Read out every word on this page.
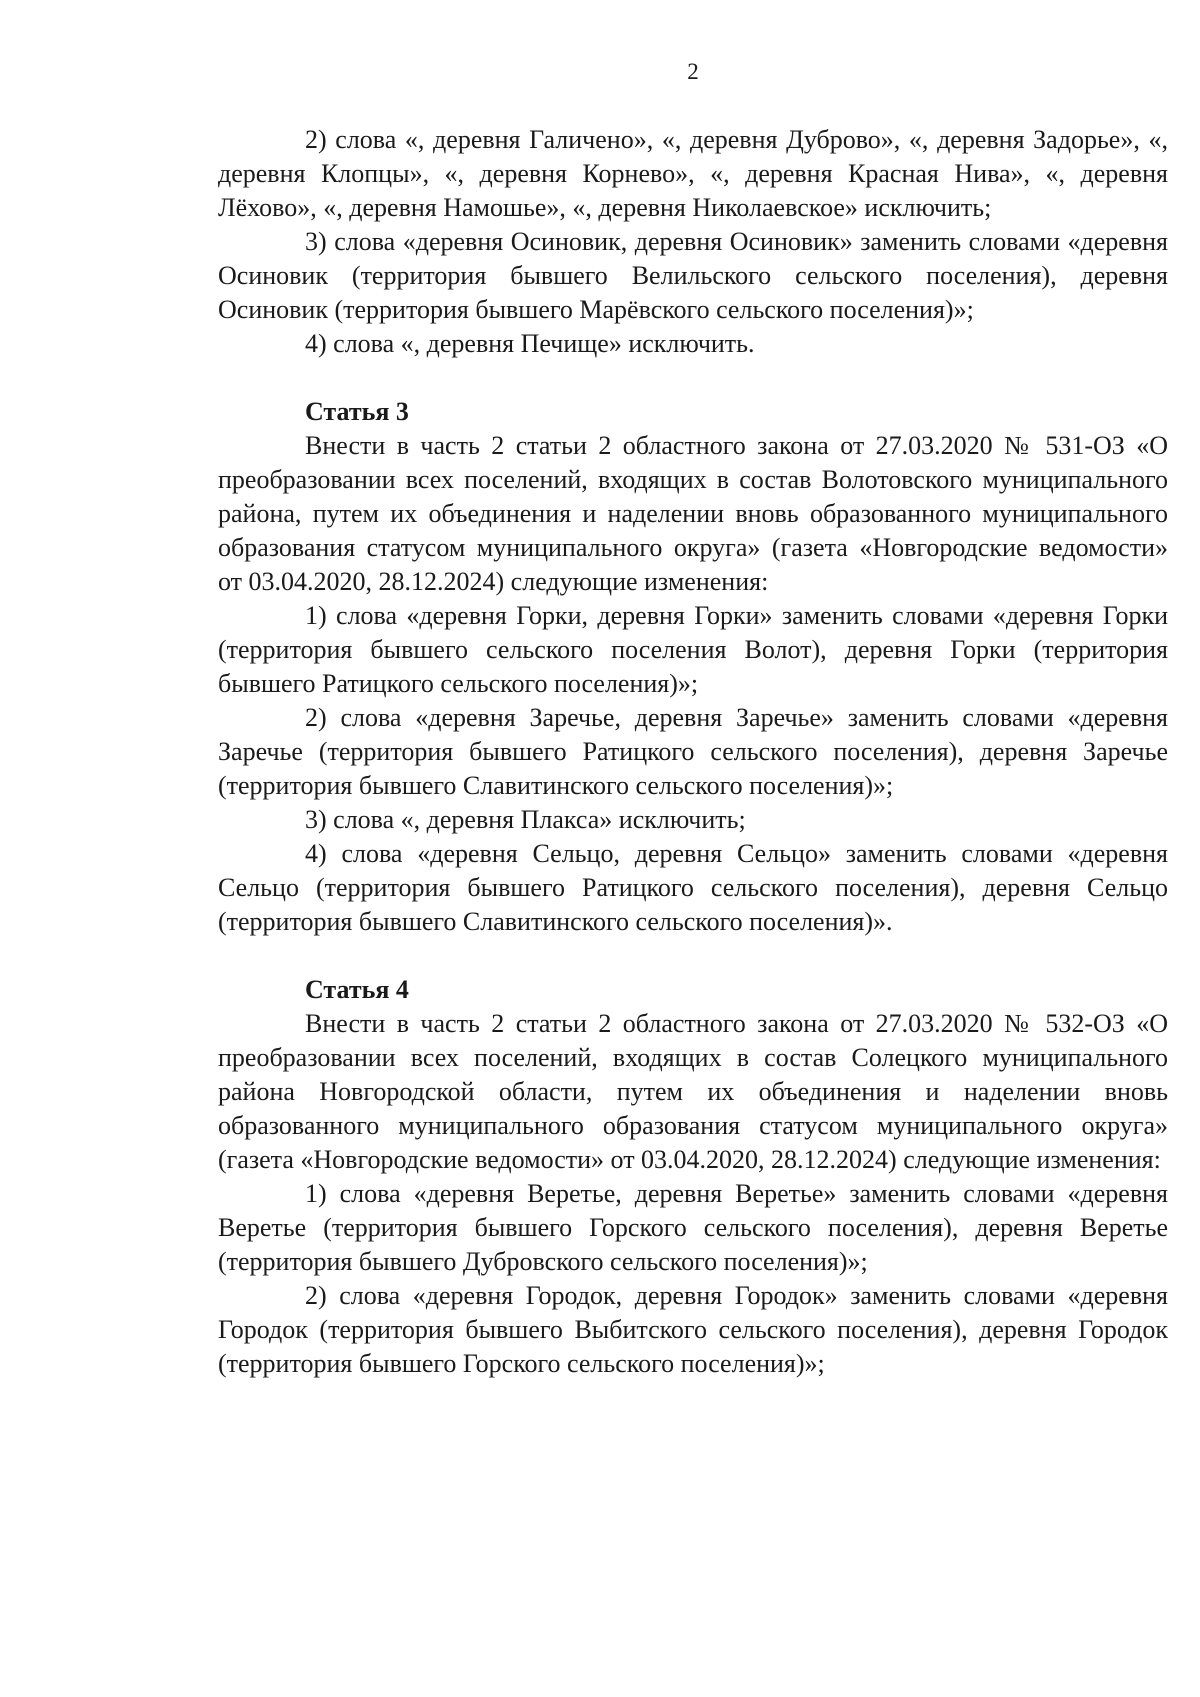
2

2) слова «, деревня Галичено», «, деревня Дуброво», «, деревня Задорье», «, деревня Клопцы», «, деревня Корнево», «, деревня Красная Нива», «, деревня Лёхово», «, деревня Намошье», «, деревня Николаевское» исключить;

3) слова «деревня Осиновик, деревня Осиновик» заменить словами «деревня Осиновик (территория бывшего Велильского сельского поселения), деревня Осиновик (территория бывшего Марёвского сельского поселения)»;

4) слова «, деревня Печище» исключить.

Статья 3

Внести в часть 2 статьи 2 областного закона от 27.03.2020 № 531-ОЗ «О преобразовании всех поселений, входящих в состав Волотовского муниципального района, путем их объединения и наделении вновь образованного муниципального образования статусом муниципального округа» (газета «Новгородские ведомости» от 03.04.2020, 28.12.2024) следующие изменения:

1) слова «деревня Горки, деревня Горки» заменить словами «деревня Горки (территория бывшего сельского поселения Волот), деревня Горки (территория бывшего Ратицкого сельского поселения)»;

2) слова «деревня Заречье, деревня Заречье» заменить словами «деревня Заречье (территория бывшего Ратицкого сельского поселения), деревня Заречье (территория бывшего Славитинского сельского поселения)»;

3) слова «, деревня Плакса» исключить;

4) слова «деревня Сельцо, деревня Сельцо» заменить словами «деревня Сельцо (территория бывшего Ратицкого сельского поселения), деревня Сельцо (территория бывшего Славитинского сельского поселения)».

Статья 4

Внести в часть 2 статьи 2 областного закона от 27.03.2020 № 532-ОЗ «О преобразовании всех поселений, входящих в состав Солецкого муниципального района Новгородской области, путем их объединения и наделении вновь образованного муниципального образования статусом муниципального округа» (газета «Новгородские ведомости» от 03.04.2020, 28.12.2024) следующие изменения:

1) слова «деревня Веретье, деревня Веретье» заменить словами «деревня Веретье (территория бывшего Горского сельского поселения), деревня Веретье (территория бывшего Дубровского сельского поселения)»;

2) слова «деревня Городок, деревня Городок» заменить словами «деревня Городок (территория бывшего Выбитского сельского поселения), деревня Городок (территория бывшего Горского сельского поселения)»;
